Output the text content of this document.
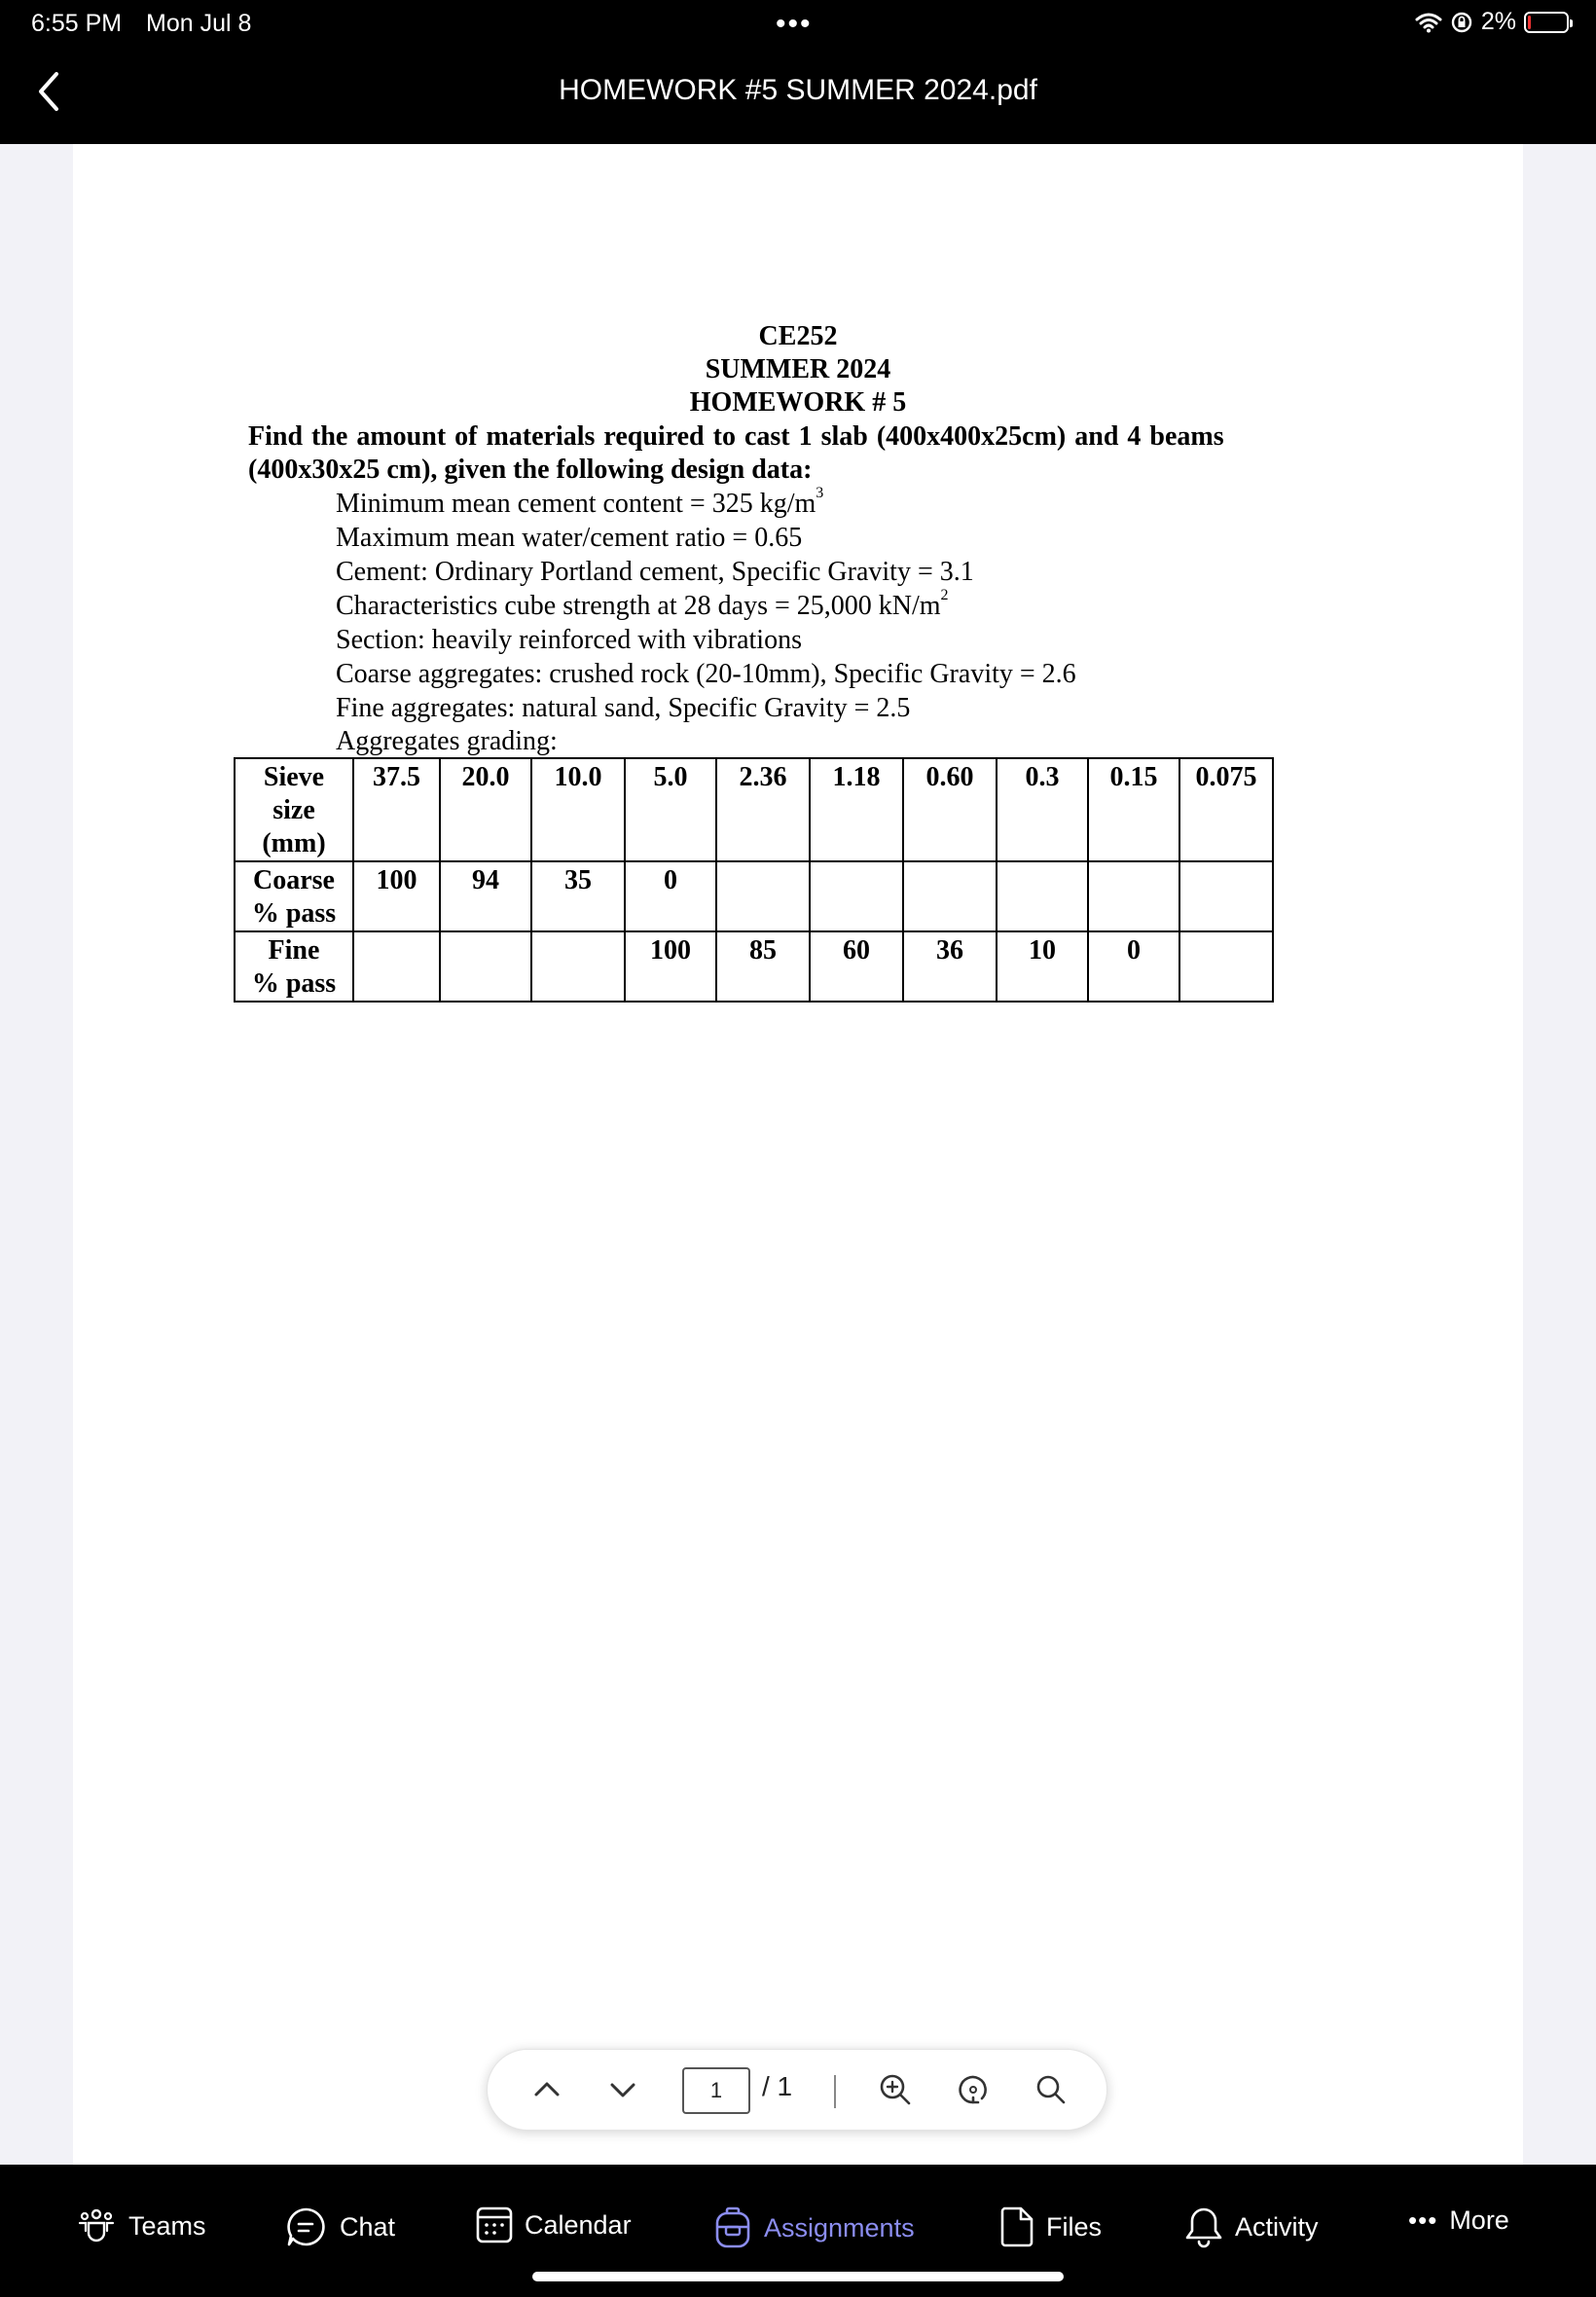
6:55 PM Mon Jul 8	•••	2%
HOMEWORK #5 SUMMER 2024.pdf
CE252
SUMMER 2024
HOMEWORK # 5
Find the amount of materials required to cast 1 slab (400x400x25cm) and 4 beams
(400x30x25 cm), given the following design data:
Minimum mean cement content = 325 $kg/m^3$
Maximum mean water/cement ratio = 0.65
Cement: Ordinary Portland cement, Specific Gravity = 3.1
Characteristics cube strength at 28 days = 25,000 $kN/m^2$
Section: heavily reinforced with vibrations
Coarse aggregates: crushed rock (20-10mm), Specific Gravity = 2.6
Fine aggregates: natural sand, Specific Gravity = 2.5
Aggregates grading:
Sieve
size
(mm)	37.5	20.0	10.0	5.0	2.36	1.18	0.60	0.3	0.15	0.075

Coarse
% pass	100	94	35	0						

Fine
% pass				100	85	60	36	10	0	
1	/ 1
Teams	Chat	Calendar	Assignments	Files	Activity	••• More
